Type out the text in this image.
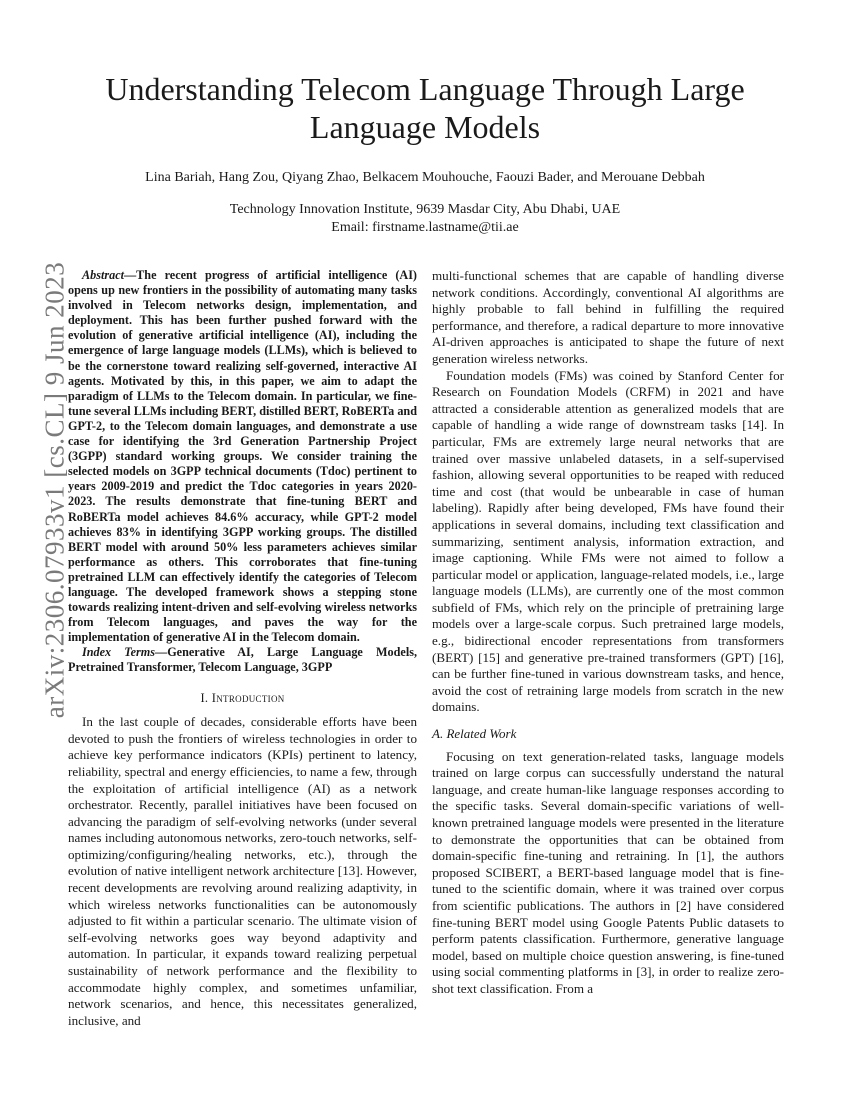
arXiv:2306.07933v1 [cs.CL] 9 Jun 2023
Understanding Telecom Language Through Large Language Models
Lina Bariah, Hang Zou, Qiyang Zhao, Belkacem Mouhouche, Faouzi Bader, and Merouane Debbah
Technology Innovation Institute, 9639 Masdar City, Abu Dhabi, UAE
Email: firstname.lastname@tii.ae

Abstract—The recent progress of artificial intelligence (AI) opens up new frontiers in the possibility of automating many tasks involved in Telecom networks design, implementation, and deployment. This has been further pushed forward with the evolution of generative artificial intelligence (AI), including the emergence of large language models (LLMs), which is believed to be the cornerstone toward realizing self-governed, interactive AI agents. Motivated by this, in this paper, we aim to adapt the paradigm of LLMs to the Telecom domain. In particular, we fine-tune several LLMs including BERT, distilled BERT, RoBERTa and GPT-2, to the Telecom domain languages, and demonstrate a use case for identifying the 3rd Generation Partnership Project (3GPP) standard working groups. We consider training the selected models on 3GPP technical documents (Tdoc) pertinent to years 2009-2019 and predict the Tdoc categories in years 2020-2023. The results demonstrate that fine-tuning BERT and RoBERTa model achieves 84.6% accuracy, while GPT-2 model achieves 83% in identifying 3GPP working groups. The distilled BERT model with around 50% less parameters achieves similar performance as others. This corroborates that fine-tuning pretrained LLM can effectively identify the categories of Telecom language. The developed framework shows a stepping stone towards realizing intent-driven and self-evolving wireless networks from Telecom languages, and paves the way for the implementation of generative AI in the Telecom domain.

Index Terms—Generative AI, Large Language Models, Pretrained Transformer, Telecom Language, 3GPP

I. Introduction

In the last couple of decades, considerable efforts have been devoted to push the frontiers of wireless technologies in order to achieve key performance indicators (KPIs) pertinent to latency, reliability, spectral and energy efficiencies, to name a few, through the exploitation of artificial intelligence (AI) as a network orchestrator. Recently, parallel initiatives have been focused on advancing the paradigm of self-evolving networks (under several names including autonomous networks, zero-touch networks, self-optimizing/configuring/healing networks, etc.), through the evolution of native intelligent network architecture [13]. However, recent developments are revolving around realizing adaptivity, in which wireless networks functionalities can be autonomously adjusted to fit within a particular scenario. The ultimate vision of self-evolving networks goes way beyond adaptivity and automation. In particular, it expands toward realizing perpetual sustainability of network performance and the flexibility to accommodate highly complex, and sometimes unfamiliar, network scenarios, and hence, this necessitates generalized, inclusive, and

multi-functional schemes that are capable of handling diverse network conditions. Accordingly, conventional AI algorithms are highly probable to fall behind in fulfilling the required performance, and therefore, a radical departure to more innovative AI-driven approaches is anticipated to shape the future of next generation wireless networks.

Foundation models (FMs) was coined by Stanford Center for Research on Foundation Models (CRFM) in 2021 and have attracted a considerable attention as generalized models that are capable of handling a wide range of downstream tasks [14]. In particular, FMs are extremely large neural networks that are trained over massive unlabeled datasets, in a self-supervised fashion, allowing several opportunities to be reaped with reduced time and cost (that would be unbearable in case of human labeling). Rapidly after being developed, FMs have found their applications in several domains, including text classification and summarizing, sentiment analysis, information extraction, and image captioning. While FMs were not aimed to follow a particular model or application, language-related models, i.e., large language models (LLMs), are currently one of the most common subfield of FMs, which rely on the principle of pretraining large models over a large-scale corpus. Such pretrained large models, e.g., bidirectional encoder representations from transformers (BERT) [15] and generative pre-trained transformers (GPT) [16], can be further fine-tuned in various downstream tasks, and hence, avoid the cost of retraining large models from scratch in the new domains.

A. Related Work

Focusing on text generation-related tasks, language models trained on large corpus can successfully understand the natural language, and create human-like language responses according to the specific tasks. Several domain-specific variations of well-known pretrained language models were presented in the literature to demonstrate the opportunities that can be obtained from domain-specific fine-tuning and retraining. In [1], the authors proposed SCIBERT, a BERT-based language model that is fine-tuned to the scientific domain, where it was trained over corpus from scientific publications. The authors in [2] have considered fine-tuning BERT model using Google Patents Public datasets to perform patents classification. Furthermore, generative language model, based on multiple choice question answering, is fine-tuned using social commenting platforms in [3], in order to realize zero-shot text classification. From a
